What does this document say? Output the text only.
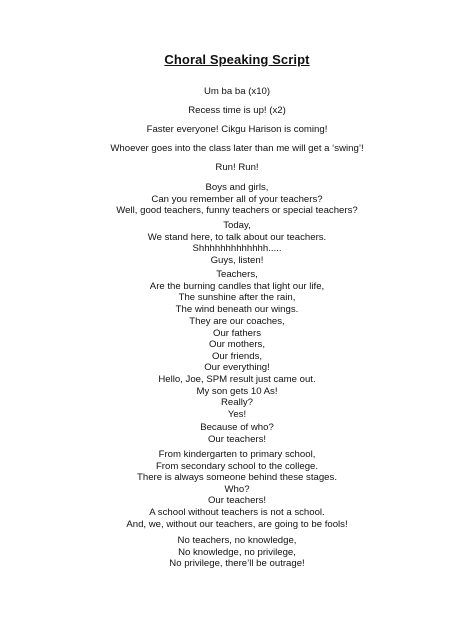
Choral Speaking Script
Um ba ba (x10)
Recess time is up! (x2)
Faster everyone! Cikgu Harison is coming!
Whoever goes into the class later than me will get a ‘swing’!
Run! Run!
Boys and girls,
Can you remember all of your teachers?
Well, good teachers, funny teachers or special teachers?
Today,
We stand here, to talk about our teachers.
Shhhhhhhhhhhhh.....
Guys, listen!
Teachers,
Are the burning candles that light our life,
The sunshine after the rain,
The wind beneath our wings.
They are our coaches,
Our fathers
Our mothers,
Our friends,
Our everything!
Hello, Joe, SPM result just came out.
My son gets 10 As!
Really?
Yes!
Because of who?
Our teachers!
From kindergarten to primary school,
From secondary school to the college.
There is always someone behind these stages.
Who?
Our teachers!
A school without teachers is not a school.
And, we, without our teachers, are going to be fools!
No teachers, no knowledge,
No knowledge, no privilege,
No privilege, there’ll be outrage!
